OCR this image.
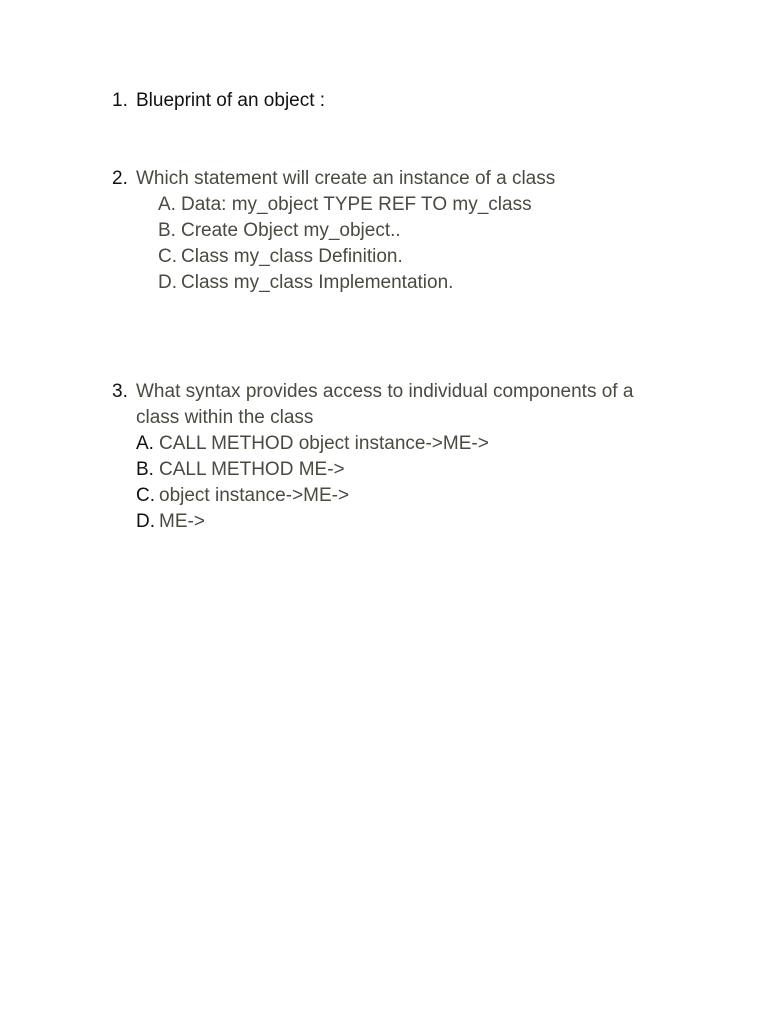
1. Blueprint of an object :
2. Which statement will create an instance of a class
A. Data: my_object TYPE REF TO my_class
B. Create Object my_object..
C. Class my_class Definition.
D. Class my_class Implementation.
3. What syntax provides access to individual components of a
class within the class
A. CALL METHOD object instance->ME->
B. CALL METHOD ME->
C. object instance->ME->
D. ME->
